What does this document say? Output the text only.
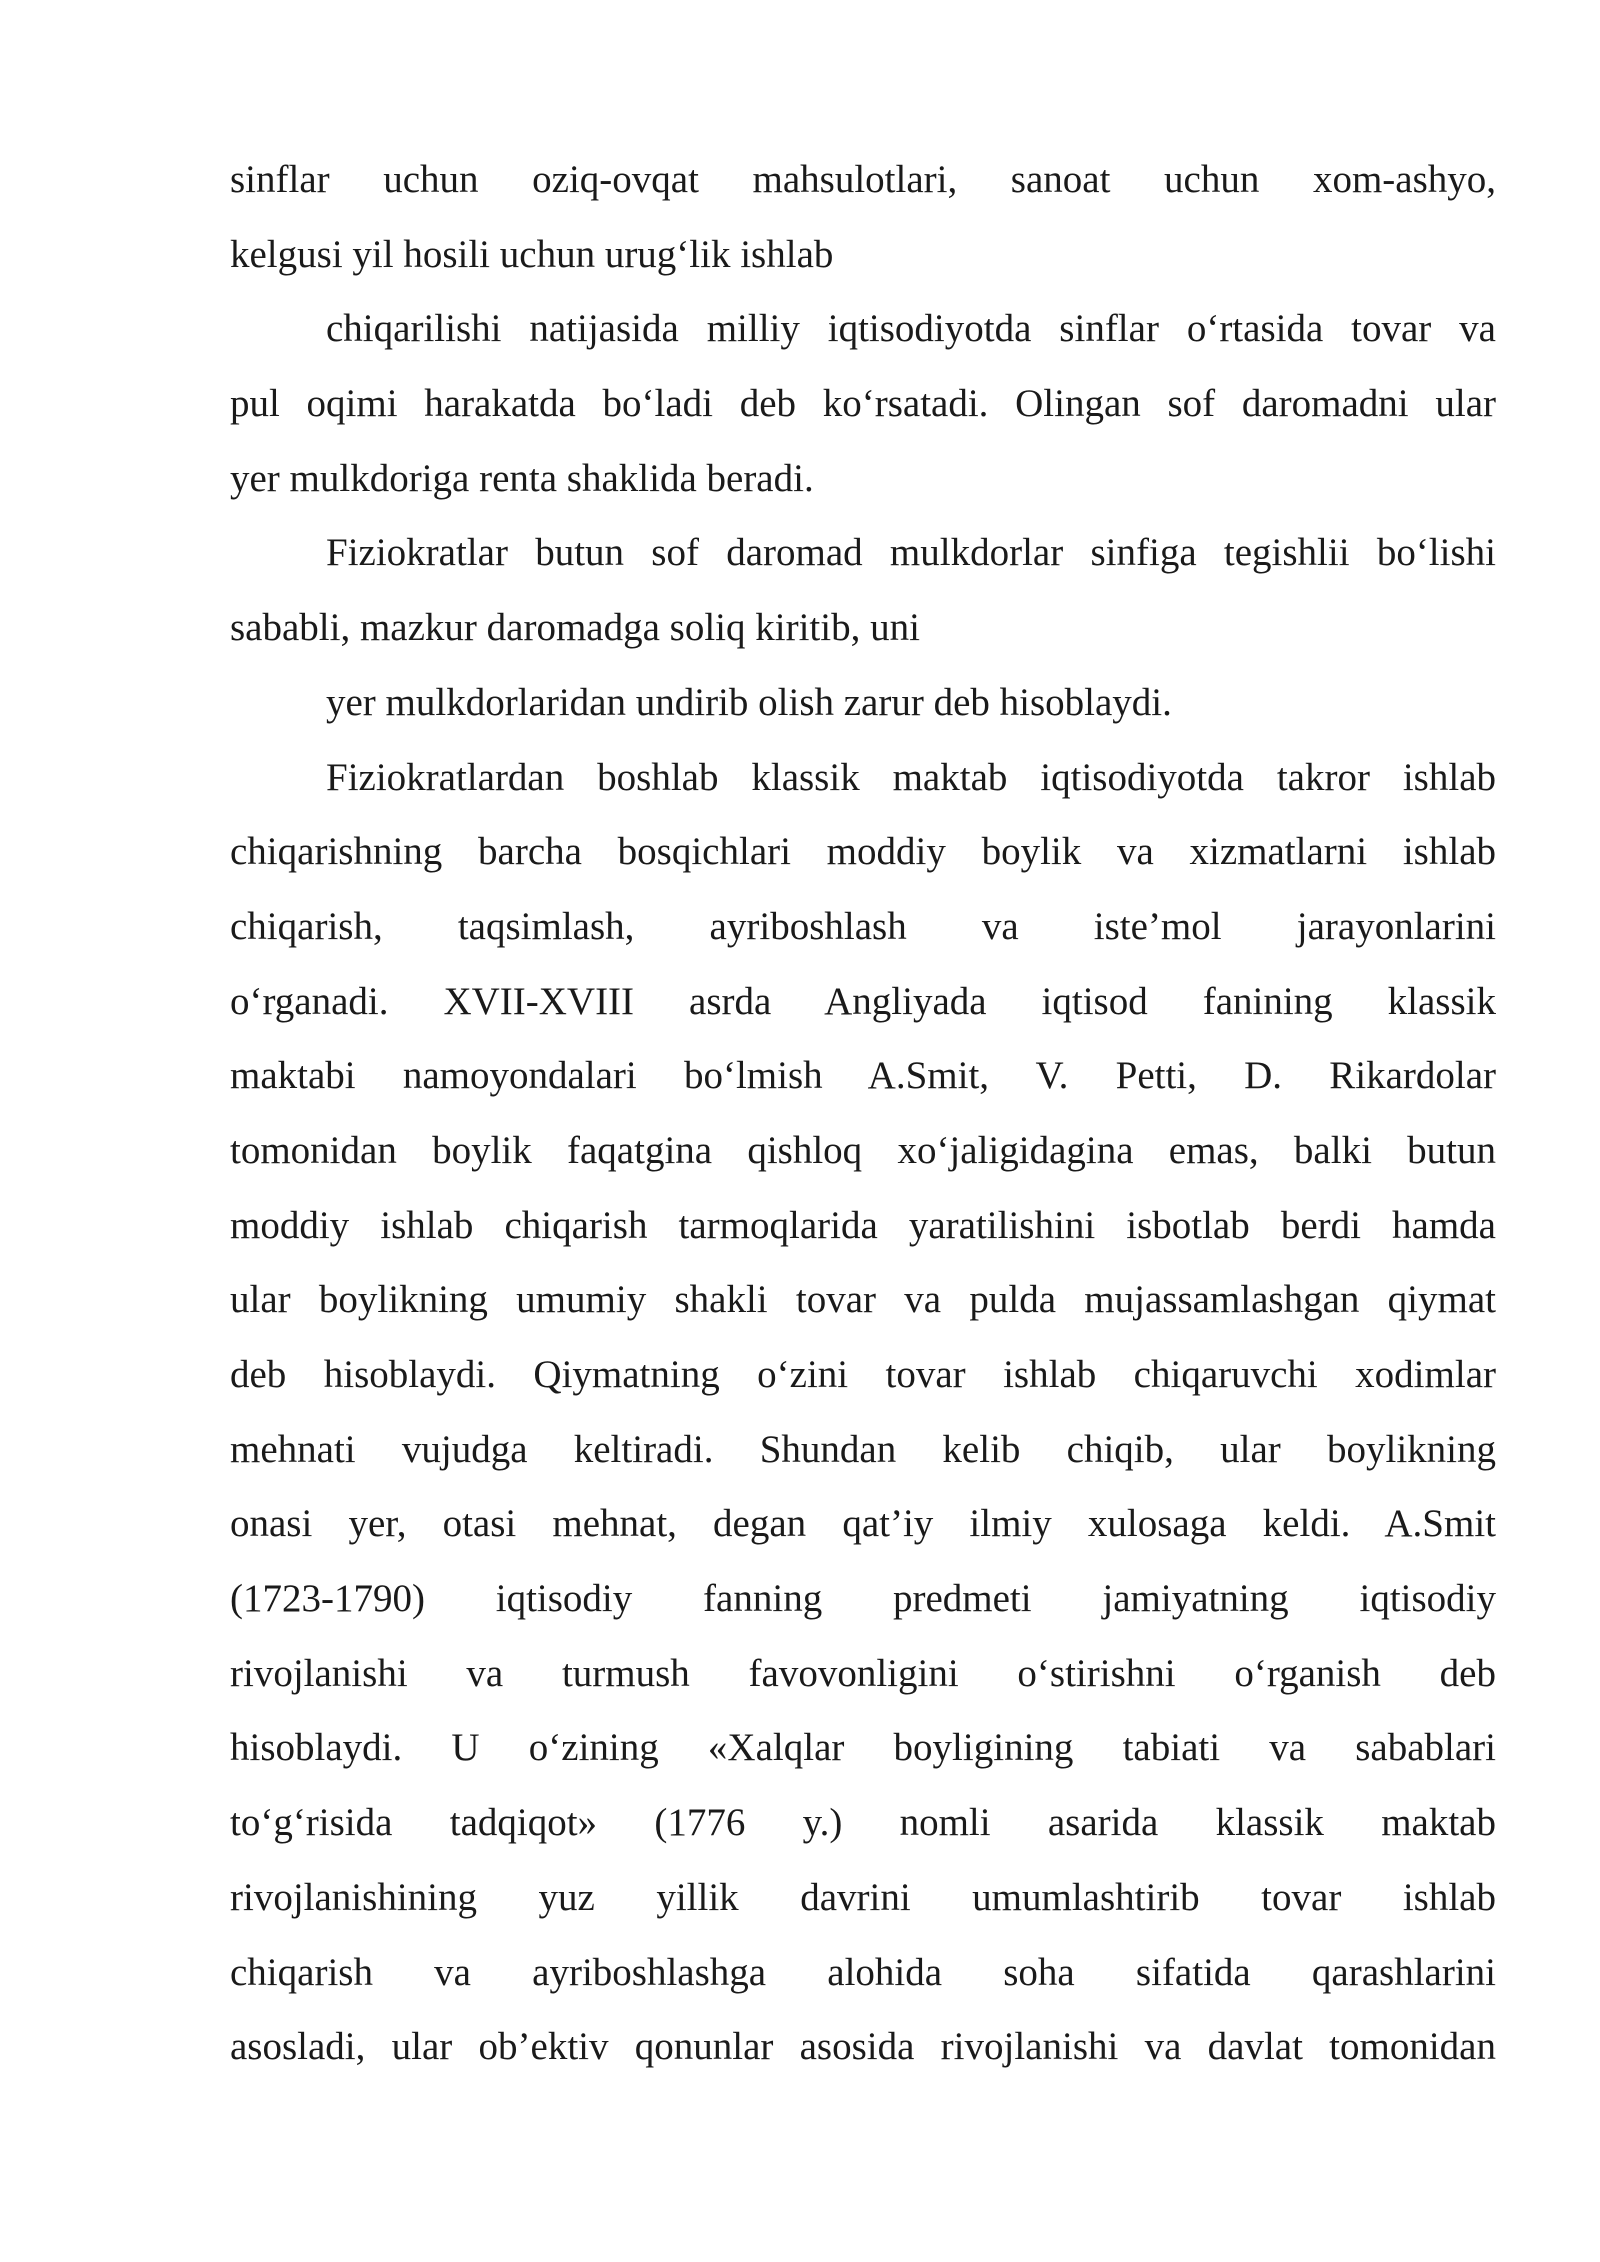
sinflar uchun oziq-ovqat mahsulotlari, sanoat uchun xom-ashyo,
kelgusi yil hosili uchun urug‘lik ishlab
chiqarilishi natijasida milliy iqtisodiyotda sinflar o‘rtasida tovar va
pul oqimi harakatda bo‘ladi deb ko‘rsatadi. Olingan sof daromadni ular
yer mulkdoriga renta shaklida beradi.
Fiziokratlar butun sof daromad mulkdorlar sinfiga tegishlii bo‘lishi
sababli, mazkur daromadga soliq kiritib, uni
yer mulkdorlaridan undirib olish zarur deb hisoblaydi.
Fiziokratlardan boshlab klassik maktab iqtisodiyotda takror ishlab
chiqarishning barcha bosqichlari moddiy boylik va xizmatlarni ishlab
chiqarish, taqsimlash, ayriboshlash va iste’mol jarayonlarini
o‘rganadi. XVII-XVIII asrda Angliyada iqtisod fanining klassik
maktabi namoyondalari bo‘lmish A.Smit, V. Petti, D. Rikardolar
tomonidan boylik faqatgina qishloq xo‘jaligidagina emas, balki butun
moddiy ishlab chiqarish tarmoqlarida yaratilishini isbotlab berdi hamda
ular boylikning umumiy shakli tovar va pulda mujassamlashgan qiymat
deb hisoblaydi. Qiymatning o‘zini tovar ishlab chiqaruvchi xodimlar
mehnati vujudga keltiradi. Shundan kelib chiqib, ular boylikning
onasi yer, otasi mehnat, degan qat’iy ilmiy xulosaga keldi. A.Smit
(1723-1790) iqtisodiy fanning predmeti jamiyatning iqtisodiy
rivojlanishi va turmush favovonligini o‘stirishni o‘rganish deb
hisoblaydi. U o‘zining «Xalqlar boyligining tabiati va sabablari
to‘g‘risida tadqiqot» (1776 y.) nomli asarida klassik maktab
rivojlanishining yuz yillik davrini umumlashtirib tovar ishlab
chiqarish va ayriboshlashga alohida soha sifatida qarashlarini
asosladi, ular ob’ektiv qonunlar asosida rivojlanishi va davlat tomonidan
